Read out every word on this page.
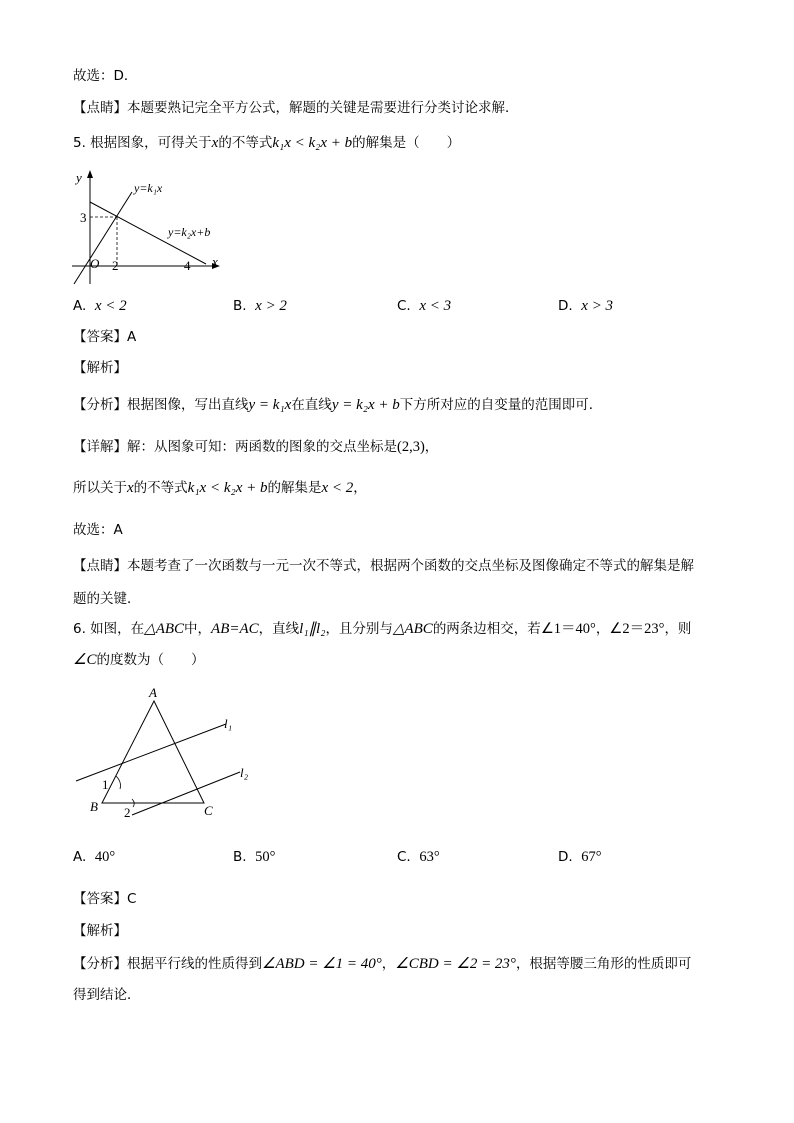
故选：D．
【点睛】本题要熟记完全平方公式，解题的关键是需要进行分类讨论求解．
5. 根据图象，可得关于x的不等式k₁x < k₂x + b的解集是（　　）
y
x
O
3
2	4
y=k₁x
y=k₂x+b
A. x < 2	B. x > 2	C. x < 3	D. x > 3
【答案】A
【解析】
【分析】根据图像，写出直线y = k₁x在直线y = k₂x + b下方所对应的自变量的范围即可．
【详解】解：从图象可知：两函数的图象的交点坐标是(2,3)，
所以关于x的不等式k₁x < k₂x + b的解集是x < 2，
故选：A
【点睛】本题考查了一次函数与一元一次不等式，根据两个函数的交点坐标及图像确定不等式的解集是解
题的关键．
6. 如图，在△ABC中，AB=AC，直线l₁∥l₂，且分别与△ABC的两条边相交，若∠1＝40°，∠2＝23°，则
∠C的度数为（　　）
A
B	C
l₁
l₂
1
2
A. 40°	B. 50°	C. 63°	D. 67°
【答案】C
【解析】
【分析】根据平行线的性质得到∠ABD = ∠1 = 40°，∠CBD = ∠2 = 23°，根据等腰三角形的性质即可
得到结论．
